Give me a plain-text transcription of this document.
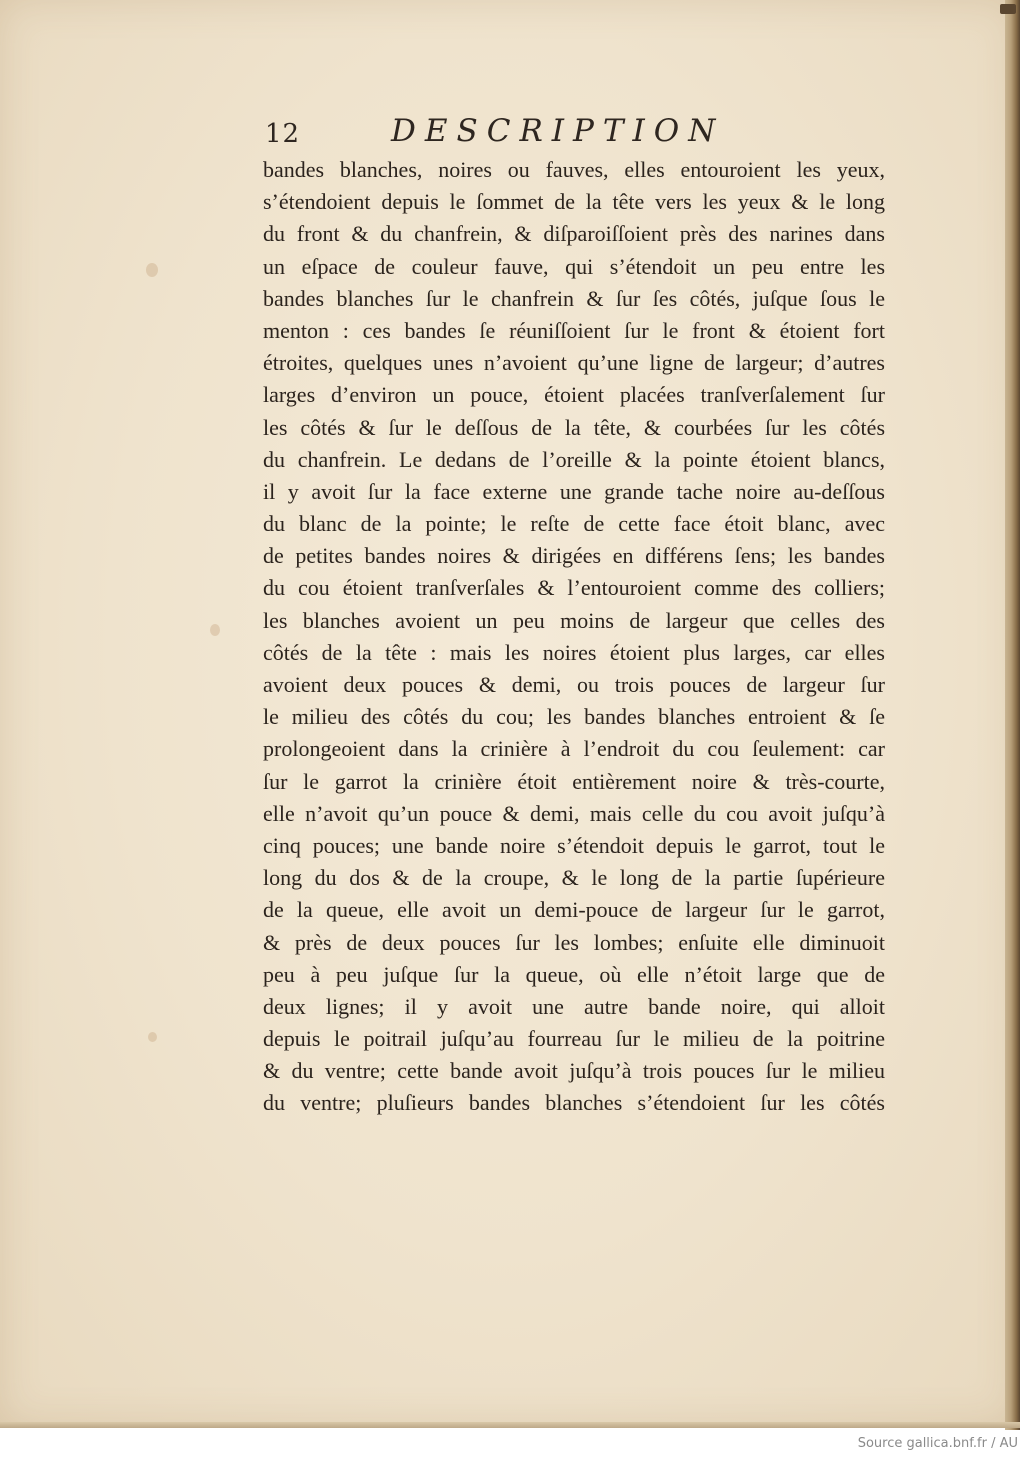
12	DESCRIPTION
bandes blanches, noires ou fauves, elles entouroient les yeux,
s’étendoient depuis le ſommet de la tête vers les yeux & le long
du front & du chanfrein, & diſparoiſſoient près des narines dans
un eſpace de couleur fauve, qui s’étendoit un peu entre les
bandes blanches ſur le chanfrein & ſur ſes côtés, juſque ſous le
menton : ces bandes ſe réuniſſoient ſur le front & étoient fort
étroites, quelques unes n’avoient qu’une ligne de largeur; d’autres
larges d’environ un pouce, étoient placées tranſverſalement ſur
les côtés & ſur le deſſous de la tête, & courbées ſur les côtés
du chanfrein. Le dedans de l’oreille & la pointe étoient blancs,
il y avoit ſur la face externe une grande tache noire au-deſſous
du blanc de la pointe; le reſte de cette face étoit blanc, avec
de petites bandes noires & dirigées en différens ſens; les bandes
du cou étoient tranſverſales & l’entouroient comme des colliers;
les blanches avoient un peu moins de largeur que celles des
côtés de la tête : mais les noires étoient plus larges, car elles
avoient deux pouces & demi, ou trois pouces de largeur ſur
le milieu des côtés du cou; les bandes blanches entroient & ſe
prolongeoient dans la crinière à l’endroit du cou ſeulement: car
ſur le garrot la crinière étoit entièrement noire & très-courte,
elle n’avoit qu’un pouce & demi, mais celle du cou avoit juſqu’à
cinq pouces; une bande noire s’étendoit depuis le garrot, tout le
long du dos & de la croupe, & le long de la partie ſupérieure
de la queue, elle avoit un demi-pouce de largeur ſur le garrot,
& près de deux pouces ſur les lombes; enſuite elle diminuoit
peu à peu juſque ſur la queue, où elle n’étoit large que de
deux lignes; il y avoit une autre bande noire, qui alloit
depuis le poitrail juſqu’au fourreau ſur le milieu de la poitrine
& du ventre; cette bande avoit juſqu’à trois pouces ſur le milieu
du ventre; pluſieurs bandes blanches s’étendoient ſur les côtés
Source gallica.bnf.fr / AU
